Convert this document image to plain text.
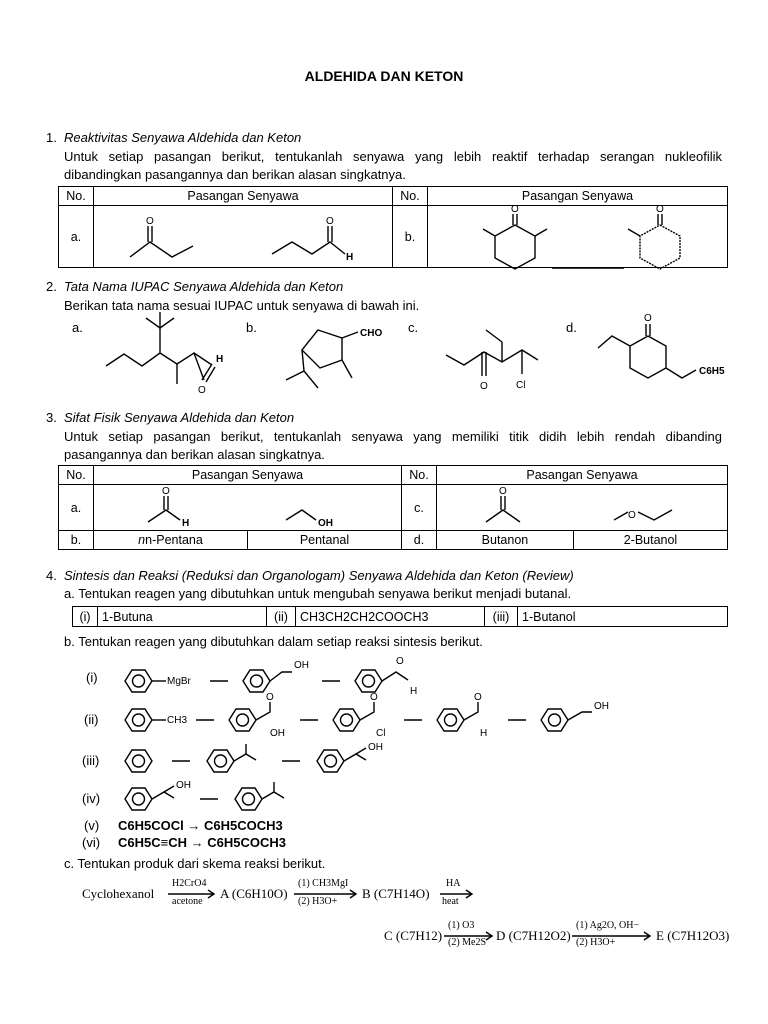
ALDEHIDA DAN KETON
1. Reaktivitas Senyawa Aldehida dan Keton
Untuk setiap pasangan berikut, tentukanlah senyawa yang lebih reaktif terhadap serangan nukleofilik dibandingkan pasangannya dan berikan alasan singkatnya.
No.	Pasangan Senyawa	No.	Pasangan Senyawa
a.		b.	
O	O
H
O	O
2. Tata Nama IUPAC Senyawa Aldehida dan Keton
Berikan tata nama sesuai IUPAC untuk senyawa di bawah ini.
a.	b.	c.	d.
H
O
CHO
O	Cl
O
C6H5
3. Sifat Fisik Senyawa Aldehida dan Keton
Untuk setiap pasangan berikut, tentukanlah senyawa yang memiliki titik didih lebih rendah dibanding pasangannya dan berikan alasan singkatnya.
No.	Pasangan Senyawa		No.	Pasangan Senyawa	
a.			c.		
b.	nn-Pentana	Pentanal	d.	Butanon	2-Butanol
O
H	OH
O
O
4. Sintesis dan Reaksi (Reduksi dan Organologam) Senyawa Aldehida dan Keton (Review)
a. Tentukan reagen yang dibutuhkan untuk mengubah senyawa berikut menjadi butanal.
(i)	1-Butuna	(ii)	CH3CH2CH2COOCH3	(iii)	1-Butanol
b. Tentukan reagen yang dibutuhkan dalam setiap reaksi sintesis berikut.
(i)
(ii)
(iii)
(iv)
(v) C6H5COCl → C6H5COCH3
(vi) C6H5C≡CH → C6H5COCH3
MgBr
OH	O
H
CH3
O
OH
O
Cl
O
H
OH
OH
OH
c. Tentukan produk dari skema reaksi berikut.
Cyclohexanol
H2CrO4
acetone
A (C6H10O)
(1) CH3MgI
(2) H3O+
B (C7H14O)
HA
heat
C (C7H12)
(1) O3
(2) Me2S D (C7H12O2)
(1) Ag2O, OH−
(2) H3O+	E (C7H12O3)
